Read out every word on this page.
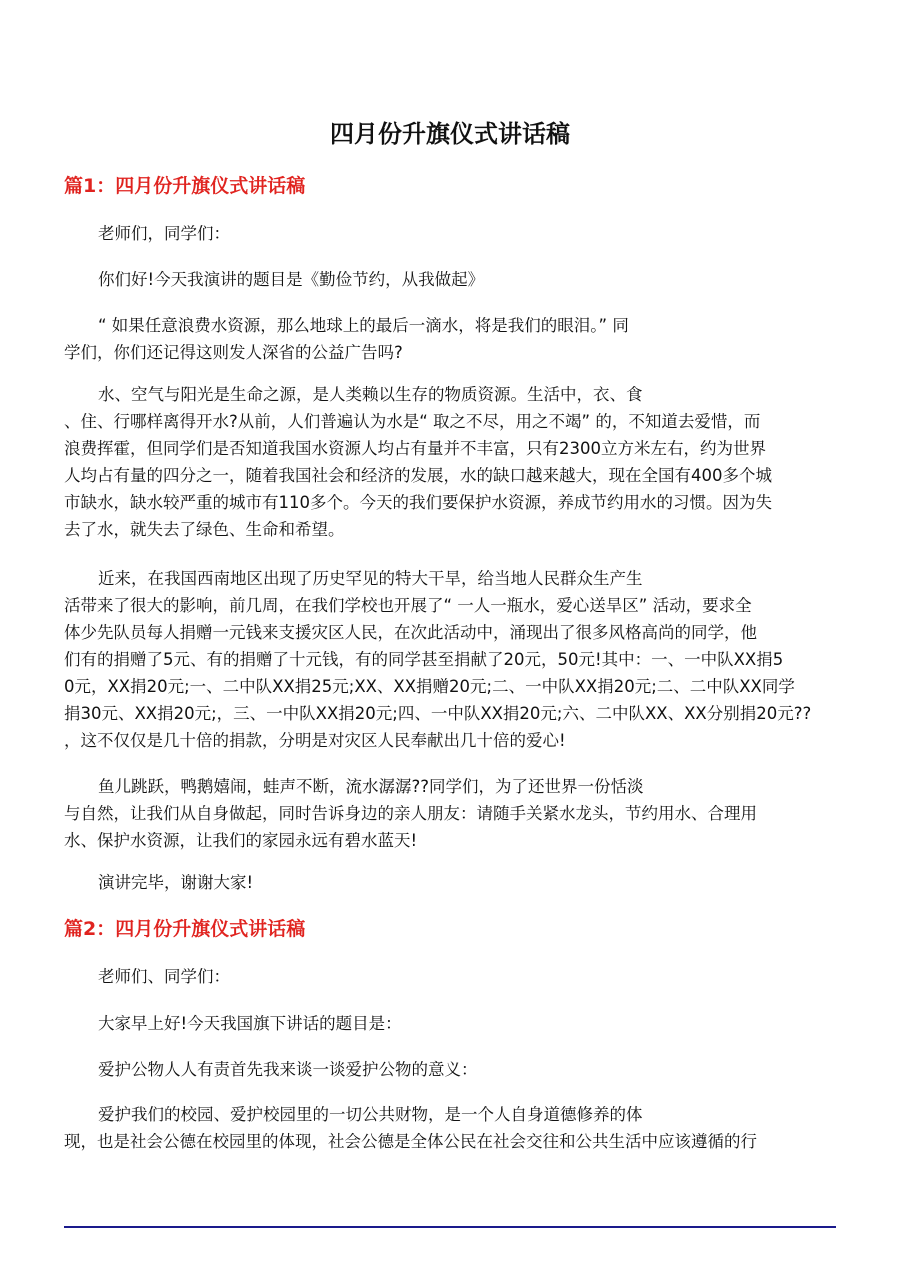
四月份升旗仪式讲话稿
篇1：四月份升旗仪式讲话稿
老师们，同学们：
你们好!今天我演讲的题目是《勤俭节约，从我做起》
“ 如果任意浪费水资源，那么地球上的最后一滴水，将是我们的眼泪。” 同
学们，你们还记得这则发人深省的公益广告吗?
水、空气与阳光是生命之源，是人类赖以生存的物质资源。生活中，衣、食
、住、行哪样离得开水?从前，人们普遍认为水是“ 取之不尽，用之不竭” 的，不知道去爱惜，而
浪费挥霍，但同学们是否知道我国水资源人均占有量并不丰富，只有2300立方米左右，约为世界
人均占有量的四分之一，随着我国社会和经济的发展，水的缺口越来越大，现在全国有400多个城
市缺水，缺水较严重的城市有110多个。今天的我们要保护水资源，养成节约用水的习惯。因为失
去了水，就失去了绿色、生命和希望。
近来，在我国西南地区出现了历史罕见的特大干旱，给当地人民群众生产生
活带来了很大的影响，前几周，在我们学校也开展了“ 一人一瓶水，爱心送旱区” 活动，要求全
体少先队员每人捐赠一元钱来支援灾区人民，在次此活动中，涌现出了很多风格高尚的同学，他
们有的捐赠了5元、有的捐赠了十元钱，有的同学甚至捐献了20元，50元!其中：一、一中队XX捐5
0元，XX捐20元;一、二中队XX捐25元;XX、XX捐赠20元;二、一中队XX捐20元;二、二中队XX同学
捐30元、XX捐20元;，三、一中队XX捐20元;四、一中队XX捐20元;六、二中队XX、XX分别捐20元??
，这不仅仅是几十倍的捐款，分明是对灾区人民奉献出几十倍的爱心!
鱼儿跳跃，鸭鹅嬉闹，蛙声不断，流水潺潺??同学们，为了还世界一份恬淡
与自然，让我们从自身做起，同时告诉身边的亲人朋友：请随手关紧水龙头，节约用水、合理用
水、保护水资源，让我们的家园永远有碧水蓝天!
演讲完毕，谢谢大家!
篇2：四月份升旗仪式讲话稿
老师们、同学们：
大家早上好!今天我国旗下讲话的题目是：
爱护公物人人有责首先我来谈一谈爱护公物的意义：
爱护我们的校园、爱护校园里的一切公共财物，是一个人自身道德修养的体
现，也是社会公德在校园里的体现，社会公德是全体公民在社会交往和公共生活中应该遵循的行
